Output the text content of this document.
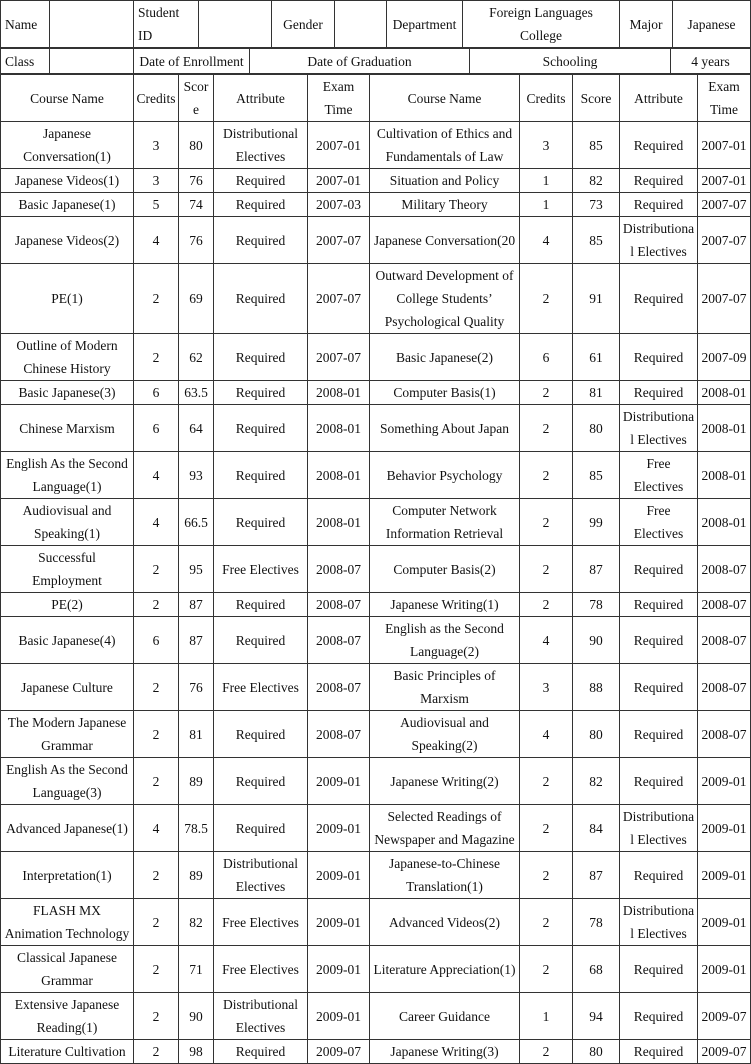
Name		Student ID		Gender		Department	Foreign Languages College	Major	Japanese
Class		Date of Enrollment	Date of Graduation	Schooling	4 years
Course Name	Credits	Score	Attribute	Exam Time	Course Name	Credits	Score	Attribute	Exam Time
Japanese Conversation(1)	3	80	Distributional Electives	2007-01	Cultivation of Ethics and Fundamentals of Law	3	85	Required	2007-01
Japanese Videos(1)	3	76	Required	2007-01	Situation and Policy	1	82	Required	2007-01
Basic Japanese(1)	5	74	Required	2007-03	Military Theory	1	73	Required	2007-07
Japanese Videos(2)	4	76	Required	2007-07	Japanese Conversation(20	4	85	Distributional Electives	2007-07
PE(1)	2	69	Required	2007-07	Outward Development of College Students’ Psychological Quality	2	91	Required	2007-07
Outline of Modern Chinese History	2	62	Required	2007-07	Basic Japanese(2)	6	61	Required	2007-09
Basic Japanese(3)	6	63.5	Required	2008-01	Computer Basis(1)	2	81	Required	2008-01
Chinese Marxism	6	64	Required	2008-01	Something About Japan	2	80	Distributional Electives	2008-01
English As the Second Language(1)	4	93	Required	2008-01	Behavior Psychology	2	85	Free Electives	2008-01
Audiovisual and Speaking(1)	4	66.5	Required	2008-01	Computer Network Information Retrieval	2	99	Free Electives	2008-01
Successful Employment	2	95	Free Electives	2008-07	Computer Basis(2)	2	87	Required	2008-07
PE(2)	2	87	Required	2008-07	Japanese Writing(1)	2	78	Required	2008-07
Basic Japanese(4)	6	87	Required	2008-07	English as the Second Language(2)	4	90	Required	2008-07
Japanese Culture	2	76	Free Electives	2008-07	Basic Principles of Marxism	3	88	Required	2008-07
The Modern Japanese Grammar	2	81	Required	2008-07	Audiovisual and Speaking(2)	4	80	Required	2008-07
English As the Second Language(3)	2	89	Required	2009-01	Japanese Writing(2)	2	82	Required	2009-01
Advanced Japanese(1)	4	78.5	Required	2009-01	Selected Readings of Newspaper and Magazine	2	84	Distributional Electives	2009-01
Interpretation(1)	2	89	Distributional Electives	2009-01	Japanese-to-Chinese Translation(1)	2	87	Required	2009-01
FLASH MX Animation Technology	2	82	Free Electives	2009-01	Advanced Videos(2)	2	78	Distributional Electives	2009-01
Classical Japanese Grammar	2	71	Free Electives	2009-01	Literature Appreciation(1)	2	68	Required	2009-01
Extensive Japanese Reading(1)	2	90	Distributional Electives	2009-01	Career Guidance	1	94	Required	2009-07
Literature Cultivation	2	98	Required	2009-07	Japanese Writing(3)	2	80	Required	2009-07
